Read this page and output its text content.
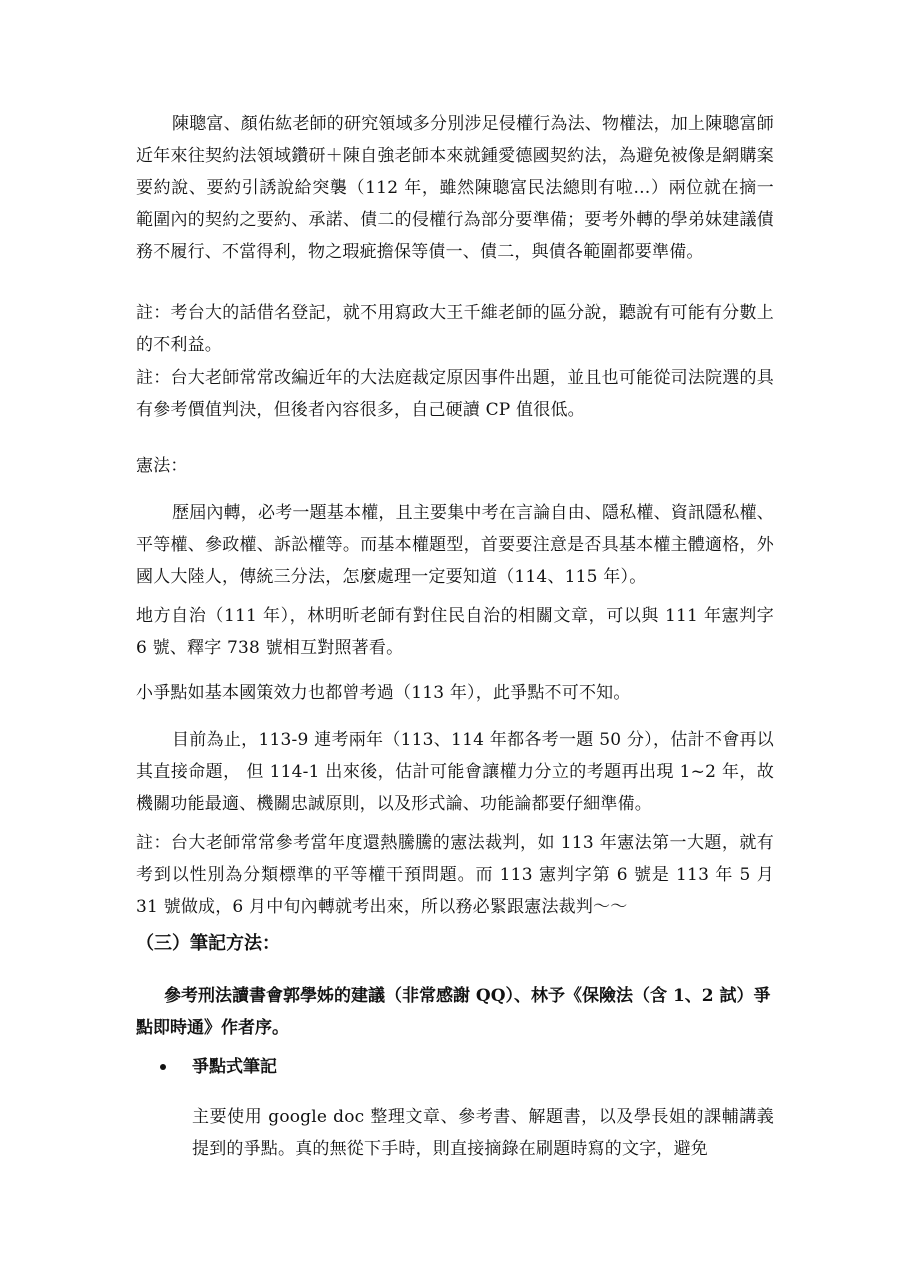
陳聰富、顏佑紘老師的研究領域多分別涉足侵權行為法、物權法，加上陳聰富師近年來往契約法領域鑽研＋陳自強老師本來就鍾愛德國契約法，為避免被像是網購案要約說、要約引誘說給突襲（112 年，雖然陳聰富民法總則有啦…）兩位就在摘一範圍內的契約之要約、承諾、債二的侵權行為部分要準備；要考外轉的學弟妹建議債務不履行、不當得利，物之瑕疵擔保等債一、債二，與債各範圍都要準備。

註：考台大的話借名登記，就不用寫政大王千維老師的區分說，聽說有可能有分數上的不利益。

註：台大老師常常改編近年的大法庭裁定原因事件出題，並且也可能從司法院選的具有參考價值判決，但後者內容很多，自己硬讀 CP 值很低。

憲法：

歷屆內轉，必考一題基本權，且主要集中考在言論自由、隱私權、資訊隱私權、平等權、參政權、訴訟權等。而基本權題型，首要要注意是否具基本權主體適格，外國人大陸人，傳統三分法，怎麼處理一定要知道（114、115 年）。

地方自治（111 年），林明昕老師有對住民自治的相關文章，可以與 111 年憲判字 6 號、釋字 738 號相互對照著看。

小爭點如基本國策效力也都曾考過（113 年），此爭點不可不知。

目前為止，113-9 連考兩年（113、114 年都各考一題 50 分），估計不會再以其直接命題， 但 114-1 出來後，估計可能會讓權力分立的考題再出現 1~2 年，故機關功能最適、機關忠誠原則，以及形式論、功能論都要仔細準備。

註：台大老師常常參考當年度還熱騰騰的憲法裁判，如 113 年憲法第一大題，就有考到以性別為分類標準的平等權干預問題。而 113 憲判字第 6 號是 113 年 5 月 31 號做成，6 月中旬內轉就考出來，所以務必緊跟憲法裁判～～

（三）筆記方法：

參考刑法讀書會郭學姊的建議（非常感謝 QQ）、林予《保險法（含 1、2 試）爭點即時通》作者序。

爭點式筆記

主要使用 google doc 整理文章、參考書、解題書，以及學長姐的課輔講義提到的爭點。真的無從下手時，則直接摘錄在刷題時寫的文字，避免
